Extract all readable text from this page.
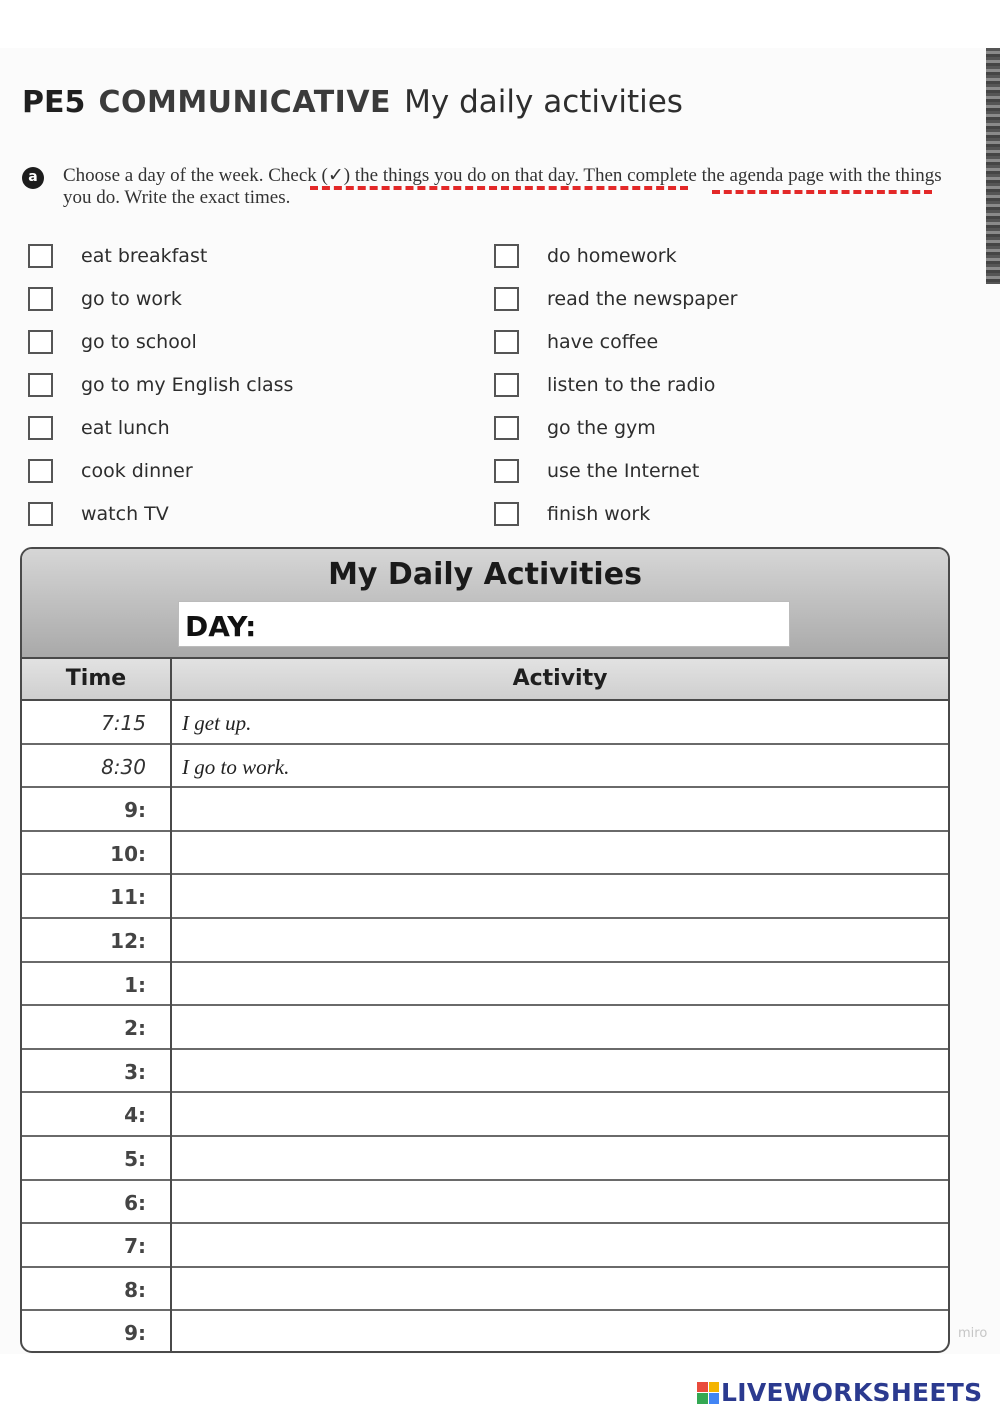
PE5 COMMUNICATIVE My daily activities
a	Choose a day of the week. Check (✓) the things you do on that day. Then complete the agenda page with the things you do. Write the exact times.
eat breakfast
go to work
go to school
go to my English class
eat lunch
cook dinner
watch TV
do homework
read the newspaper
have coffee
listen to the radio
go the gym
use the Internet
finish work
My Daily Activities
DAY:
Time	Activity
7:15 I get up.
8:30 I go to work.
9:
10:
11:
12:
1:
2:
3:
4:
5:
6:
7:
8:
9:	miro
LIVEWORKSHEETS
